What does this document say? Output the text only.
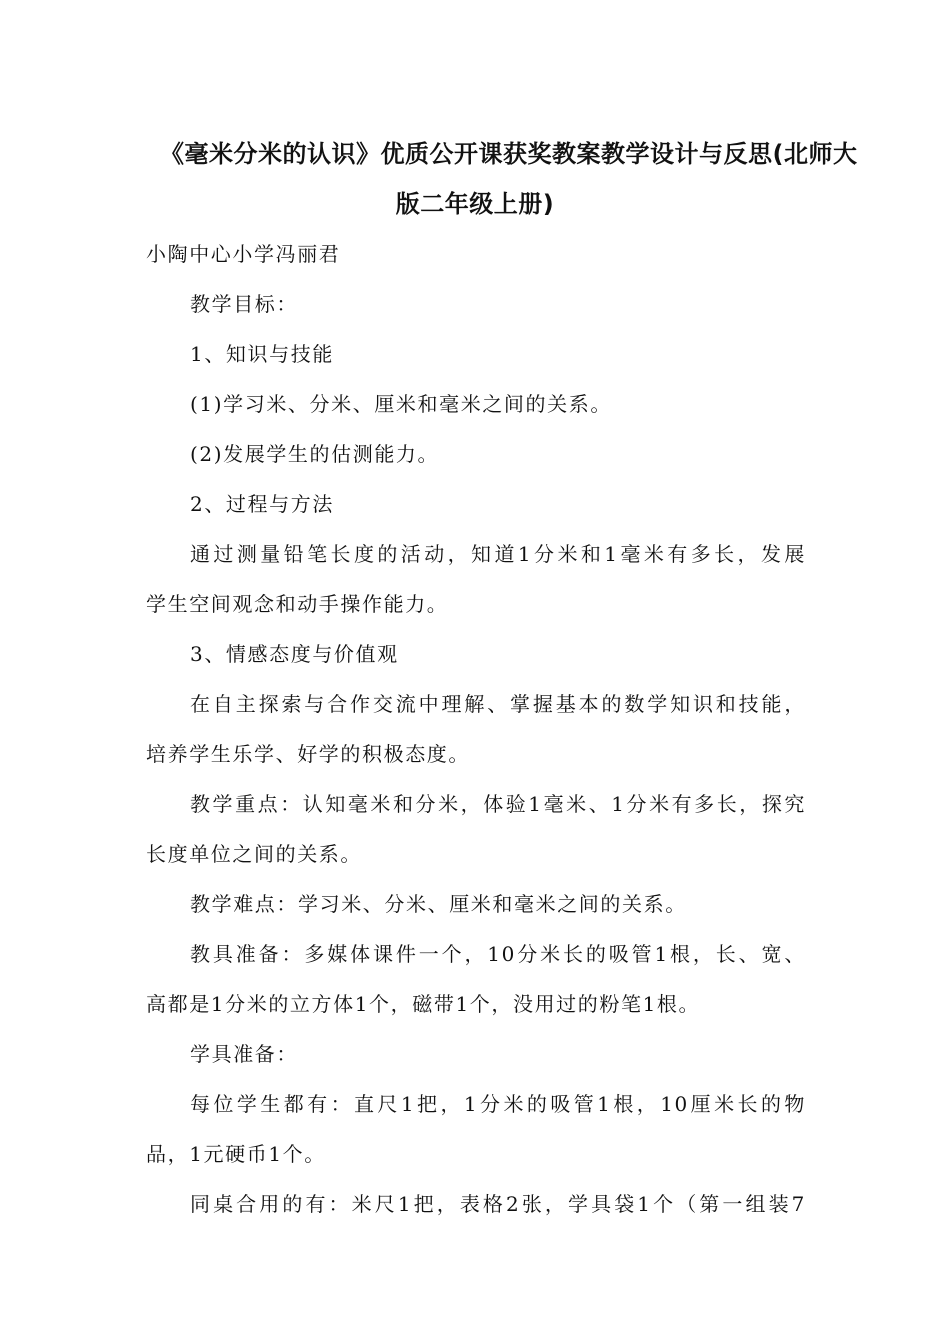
《毫米分米的认识》优质公开课获奖教案教学设计与反思(北师大
版二年级上册)
小陶中心小学冯丽君
教学目标：
1、知识与技能
(1)学习米、分米、厘米和毫米之间的关系。
(2)发展学生的估测能力。
2、过程与方法
通过测量铅笔长度的活动，知道1分米和1毫米有多长，发展
学生空间观念和动手操作能力。
3、情感态度与价值观
在自主探索与合作交流中理解、掌握基本的数学知识和技能，
培养学生乐学、好学的积极态度。
教学重点：认知毫米和分米，体验1毫米、1分米有多长，探究
长度单位之间的关系。
教学难点：学习米、分米、厘米和毫米之间的关系。
教具准备：多媒体课件一个，10分米长的吸管1根，长、宽、
高都是1分米的立方体1个，磁带1个，没用过的粉笔1根。
学具准备：
每位学生都有：直尺1把，1分米的吸管1根，10厘米长的物
品，1元硬币1个。
同桌合用的有：米尺1把，表格2张，学具袋1个（第一组装7
